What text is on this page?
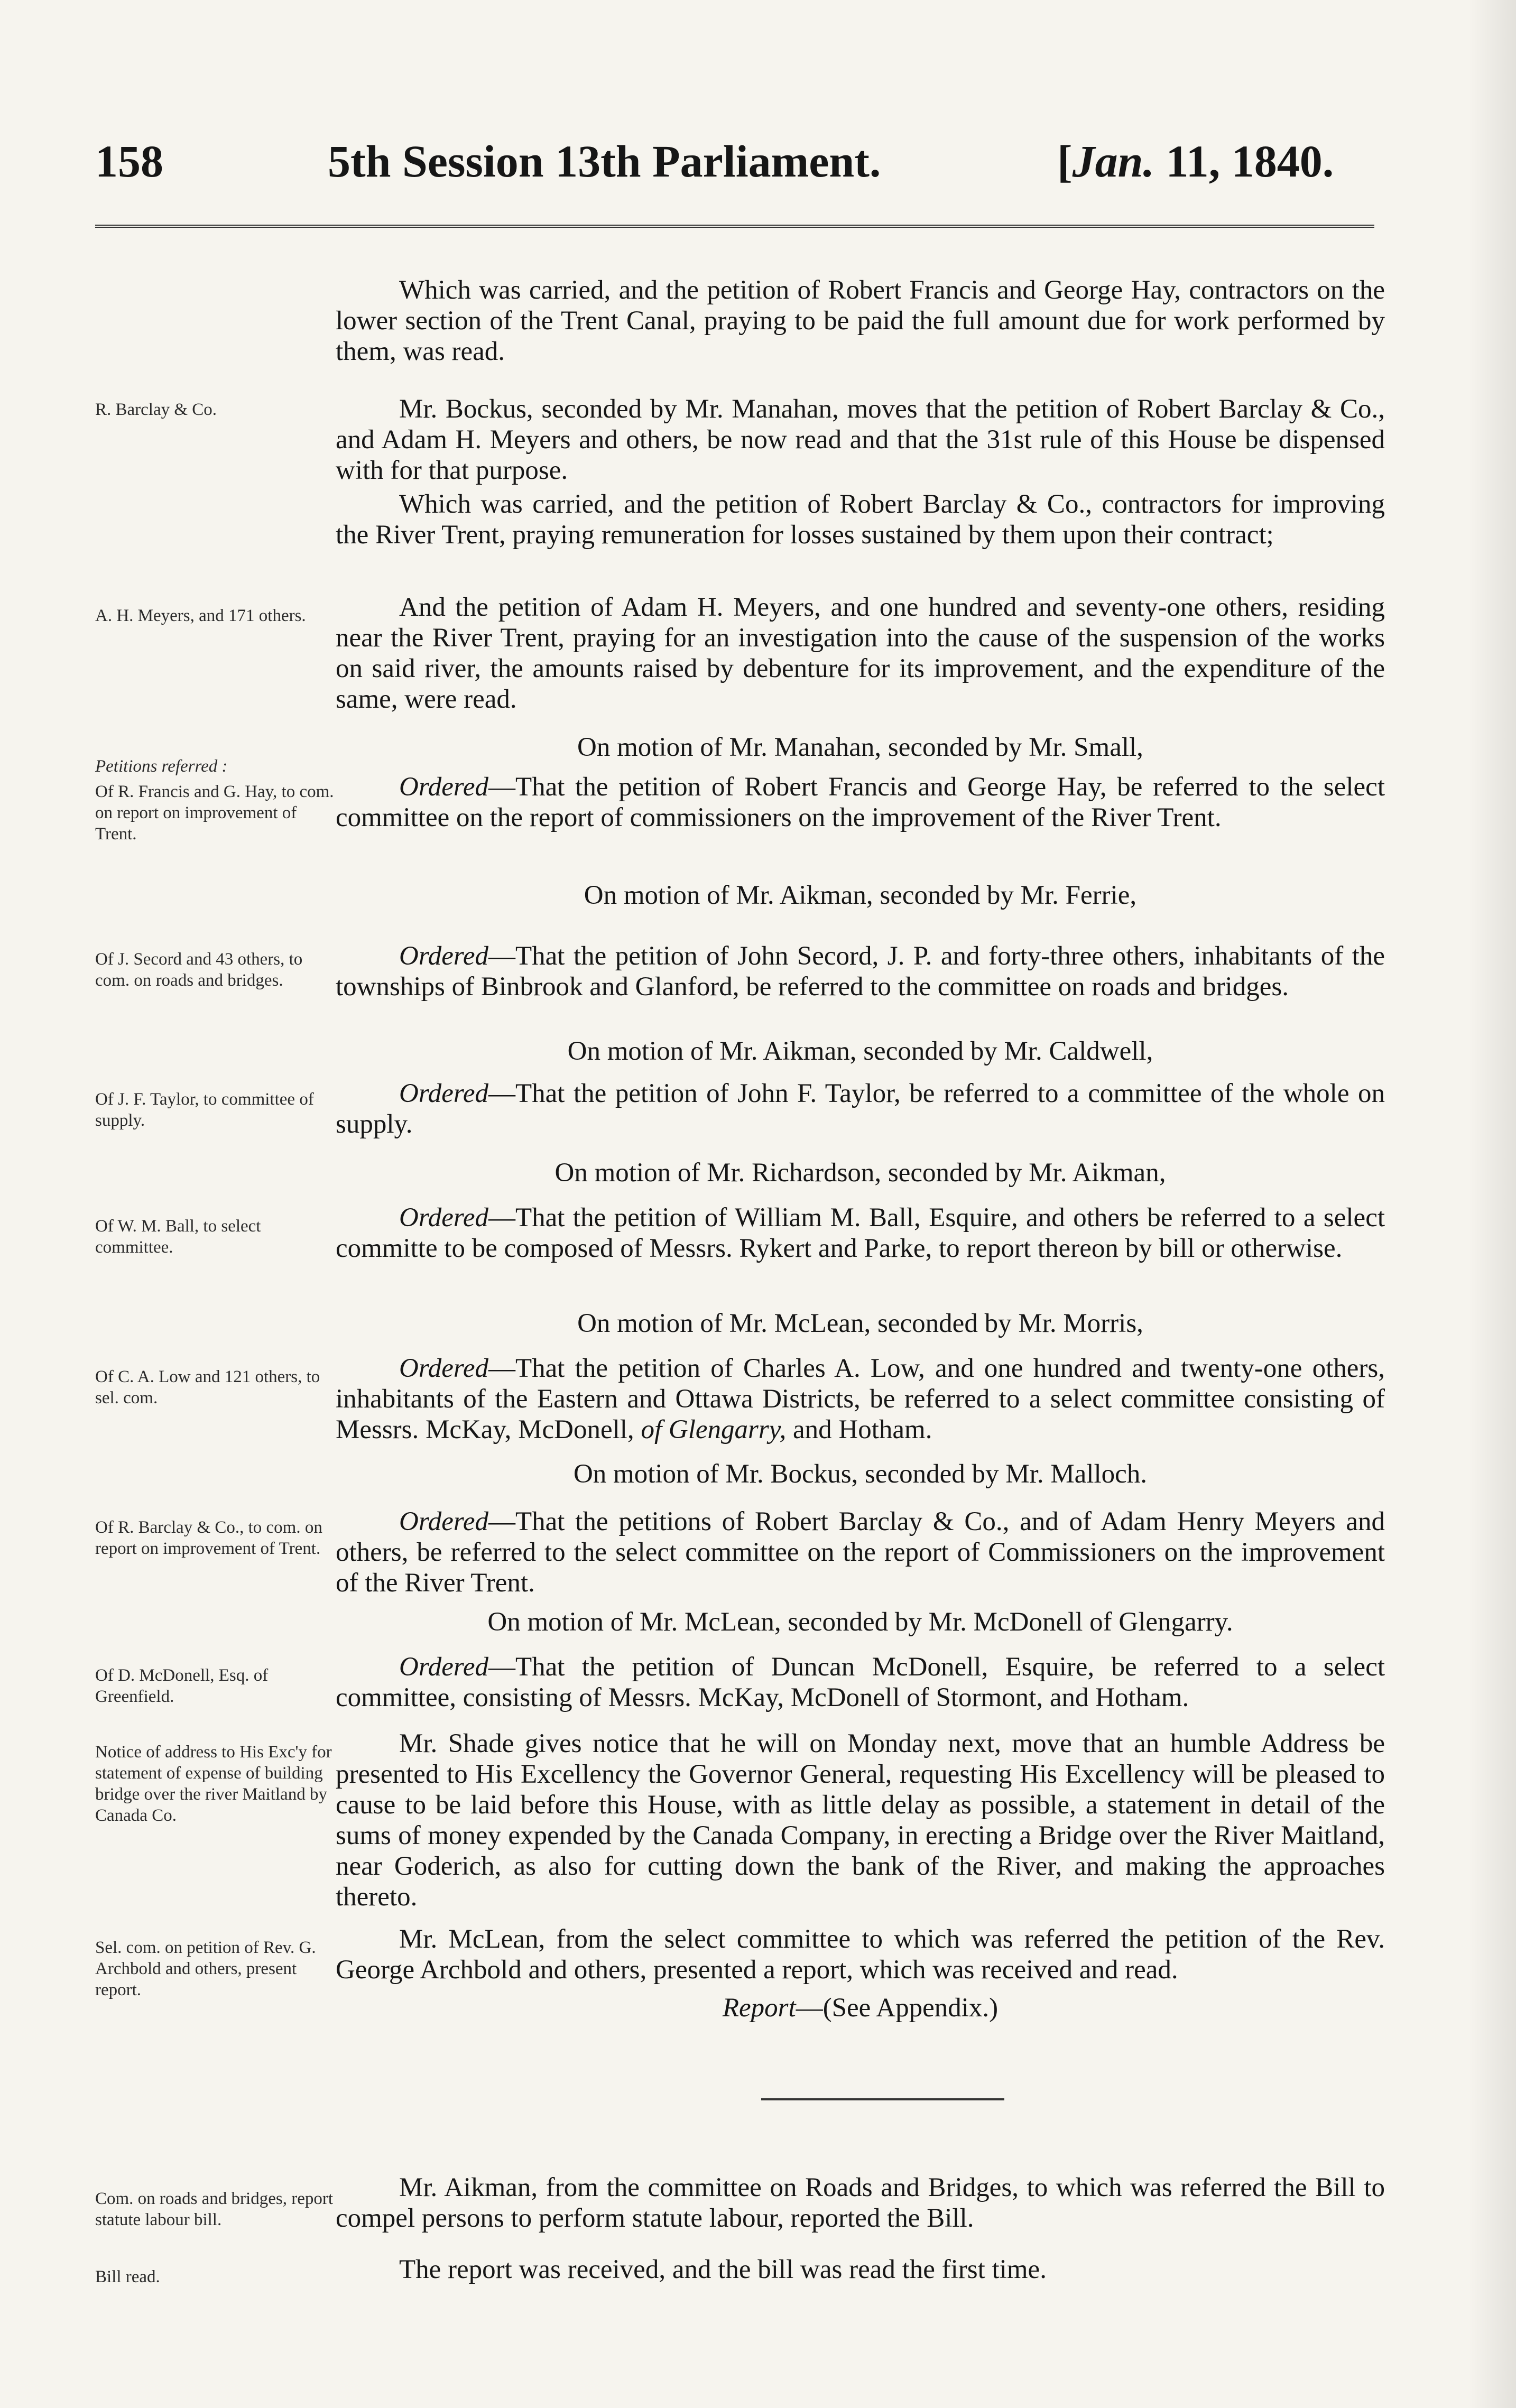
158	5th Session 13th Parliament.	[Jan. 11, 1840.
Which was carried, and the petition of Robert Francis and George Hay, contractors on the lower section of the Trent Canal, praying to be paid the full amount due for work performed by them, was read.
R. Barclay & Co.	Mr. Bockus, seconded by Mr. Manahan, moves that the petition of Robert Barclay & Co., and Adam H. Meyers and others, be now read and that the 31st rule of this House be dispensed with for that purpose.
Which was carried, and the petition of Robert Barclay & Co., contractors for improving the River Trent, praying remuneration for losses sustained by them upon their contract;
A. H. Meyers, and 171 others.	And the petition of Adam H. Meyers, and one hundred and seventy-one others, residing near the River Trent, praying for an investigation into the cause of the suspension of the works on said river, the amounts raised by debenture for its improvement, and the expenditure of the same, were read.
On motion of Mr. Manahan, seconded by Mr. Small,
Petitions referred :
Of R. Francis and G. Hay, to com. on report on improvement of Trent.
Ordered—That the petition of Robert Francis and George Hay, be referred to the select committee on the report of commissioners on the improvement of the River Trent.
On motion of Mr. Aikman, seconded by Mr. Ferrie,
Of J. Secord and 43 others, to com. on roads and bridges.
Ordered—That the petition of John Secord, J. P. and forty-three others, inhabitants of the townships of Binbrook and Glanford, be referred to the committee on roads and bridges.
On motion of Mr. Aikman, seconded by Mr. Caldwell,
Of J. F. Taylor, to committee of supply.
Ordered—That the petition of John F. Taylor, be referred to a committee of the whole on supply.
On motion of Mr. Richardson, seconded by Mr. Aikman,
Of W. M. Ball, to select committee.
Ordered—That the petition of William M. Ball, Esquire, and others be referred to a select committe to be composed of Messrs. Rykert and Parke, to report thereon by bill or otherwise.
On motion of Mr. McLean, seconded by Mr. Morris,
Of C. A. Low and 121 others, to sel. com.
Ordered—That the petition of Charles A. Low, and one hundred and twenty-one others, inhabitants of the Eastern and Ottawa Districts, be referred to a select committee consisting of Messrs. McKay, McDonell, of Glengarry, and Hotham.
On motion of Mr. Bockus, seconded by Mr. Malloch.
Of R. Barclay & Co., to com. on report on improvement of Trent.
Ordered—That the petitions of Robert Barclay & Co., and of Adam Henry Meyers and others, be referred to the select committee on the report of Commissioners on the improvement of the River Trent.
On motion of Mr. McLean, seconded by Mr. McDonell of Glengarry.
Of D. McDonell, Esq. of Greenfield.
Ordered—That the petition of Duncan McDonell, Esquire, be referred to a select committee, consisting of Messrs. McKay, McDonell of Stormont, and Hotham.
Notice of address to His Exc'y for statement of expense of building bridge over the river Maitland by Canada Co.
Mr. Shade gives notice that he will on Monday next, move that an humble Address be presented to His Excellency the Governor General, requesting His Excellency will be pleased to cause to be laid before this House, with as little delay as possible, a statement in detail of the sums of money expended by the Canada Company, in erecting a Bridge over the River Maitland, near Goderich, as also for cutting down the bank of the River, and making the approaches thereto.
Sel. com. on petition of Rev. G. Archbold and others, present report.
Mr. McLean, from the select committee to which was referred the petition of the Rev. George Archbold and others, presented a report, which was received and read.
Report—(See Appendix.)
Com. on roads and bridges, report statute labour bill.
Mr. Aikman, from the committee on Roads and Bridges, to which was referred the Bill to compel persons to perform statute labour, reported the Bill.
Bill read.	The report was received, and the bill was read the first time.
